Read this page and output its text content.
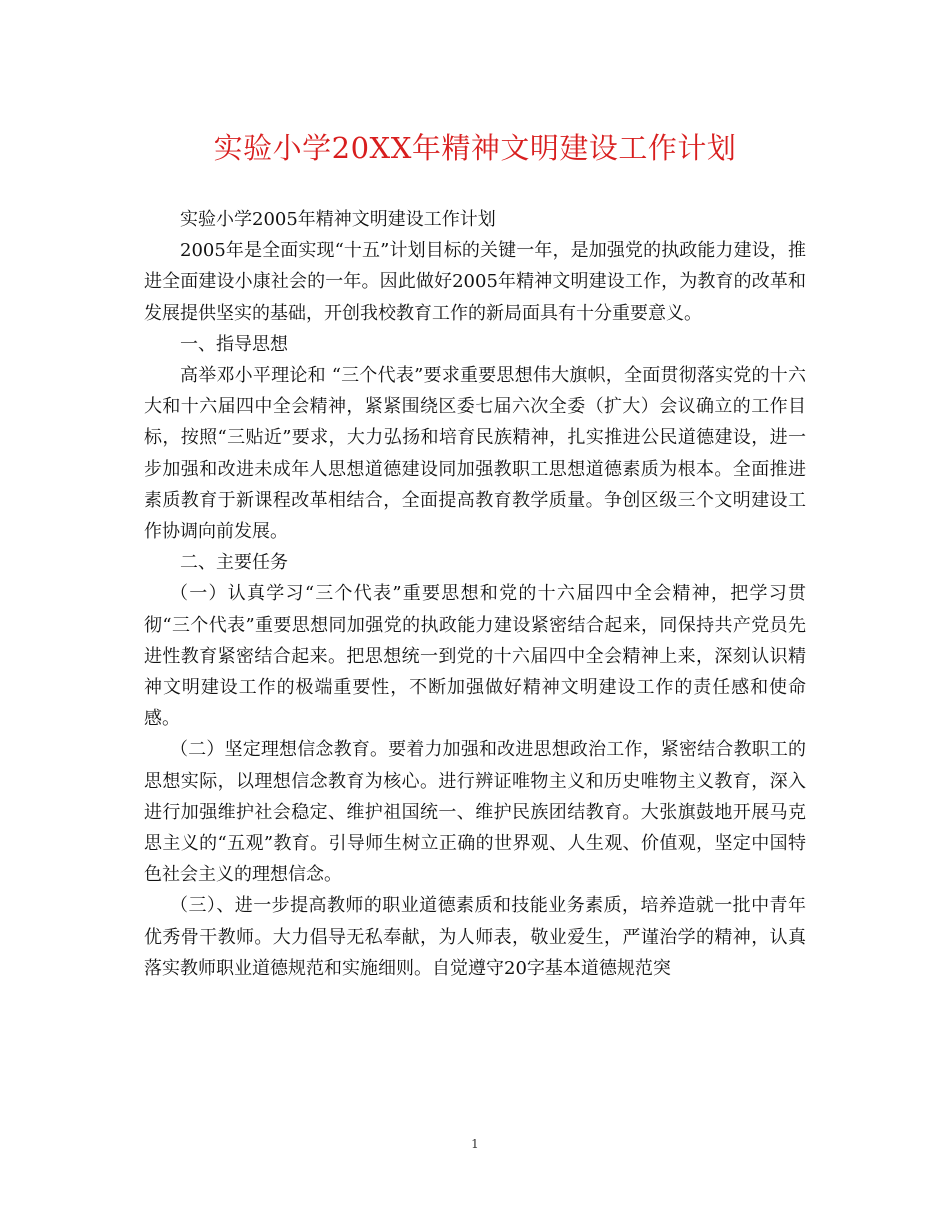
实验小学20XX年精神文明建设工作计划

实验小学2005年精神文明建设工作计划

2005年是全面实现“十五”计划目标的关键一年，是加强党的执政能力建设，推进全面建设小康社会的一年。因此做好2005年精神文明建设工作，为教育的改革和发展提供坚实的基础，开创我校教育工作的新局面具有十分重要意义。

一、指导思想

高举邓小平理论和 “三个代表”要求重要思想伟大旗帜，全面贯彻落实党的十六大和十六届四中全会精神，紧紧围绕区委七届六次全委（扩大）会议确立的工作目标，按照“三贴近”要求，大力弘扬和培育民族精神，扎实推进公民道德建设，进一步加强和改进未成年人思想道德建设同加强教职工思想道德素质为根本。全面推进素质教育于新课程改革相结合，全面提高教育教学质量。争创区级三个文明建设工作协调向前发展。

二、主要任务

（一）认真学习“三个代表”重要思想和党的十六届四中全会精神，把学习贯彻“三个代表”重要思想同加强党的执政能力建设紧密结合起来，同保持共产党员先进性教育紧密结合起来。把思想统一到党的十六届四中全会精神上来，深刻认识精神文明建设工作的极端重要性，不断加强做好精神文明建设工作的责任感和使命感。

（二）坚定理想信念教育。要着力加强和改进思想政治工作，紧密结合教职工的思想实际，以理想信念教育为核心。进行辨证唯物主义和历史唯物主义教育，深入进行加强维护社会稳定、维护祖国统一、维护民族团结教育。大张旗鼓地开展马克思主义的“五观”教育。引导师生树立正确的世界观、人生观、价值观，坚定中国特色社会主义的理想信念。

（三）、进一步提高教师的职业道德素质和技能业务素质，培养造就一批中青年优秀骨干教师。大力倡导无私奉献，为人师表，敬业爱生，严谨治学的精神，认真落实教师职业道德规范和实施细则。自觉遵守20字基本道德规范突

1
